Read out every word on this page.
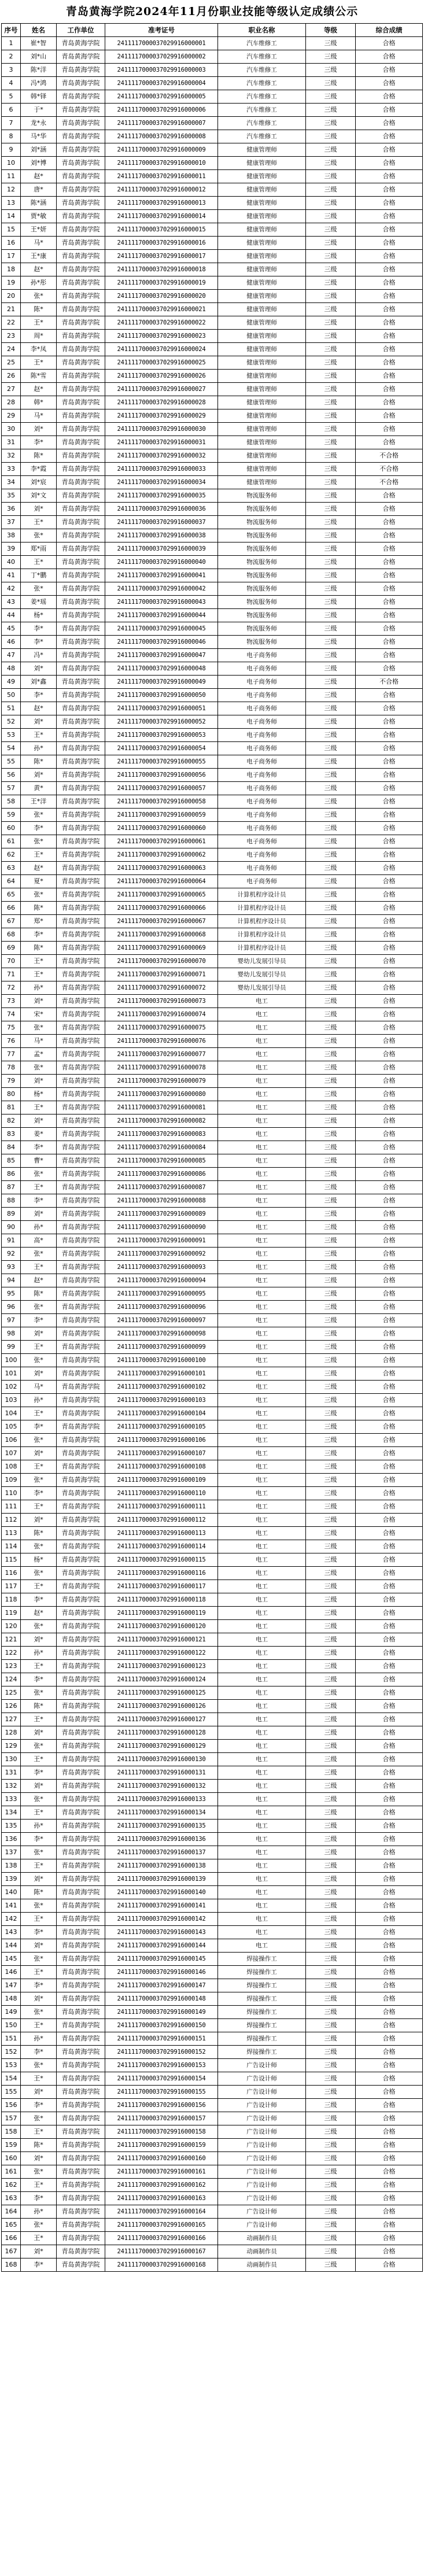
青岛黄海学院2024年11月份职业技能等级认定成绩公示
序号	姓名	工作单位	准考证号	职业名称	等级	综合成绩
1	崔*智	青岛黄海学院	2411117000037029916000001	汽车维修工	三级	合格
2	刘*山	青岛黄海学院	2411117000037029916000002	汽车维修工	三级	合格
3	陈*洋	青岛黄海学院	2411117000037029916000003	汽车维修工	三级	合格
4	冯*鸿	青岛黄海学院	2411117000037029916000004	汽车维修工	三级	合格
5	韩*铎	青岛黄海学院	2411117000037029916000005	汽车维修工	三级	合格
6	于*	青岛黄海学院	2411117000037029916000006	汽车维修工	三级	合格
7	龙*永	青岛黄海学院	2411117000037029916000007	汽车维修工	三级	合格
8	马*华	青岛黄海学院	2411117000037029916000008	汽车维修工	三级	合格
9	刘*涵	青岛黄海学院	2411117000037029916000009	健康管理师	三级	合格
10	刘*博	青岛黄海学院	2411117000037029916000010	健康管理师	三级	合格
11	赵*	青岛黄海学院	2411117000037029916000011	健康管理师	三级	合格
12	唐*	青岛黄海学院	2411117000037029916000012	健康管理师	三级	合格
13	陈*涵	青岛黄海学院	2411117000037029916000013	健康管理师	三级	合格
14	贾*敏	青岛黄海学院	2411117000037029916000014	健康管理师	三级	合格
15	王*妍	青岛黄海学院	2411117000037029916000015	健康管理师	三级	合格
16	马*	青岛黄海学院	2411117000037029916000016	健康管理师	三级	合格
17	王*康	青岛黄海学院	2411117000037029916000017	健康管理师	三级	合格
18	赵*	青岛黄海学院	2411117000037029916000018	健康管理师	三级	合格
19	孙*彤	青岛黄海学院	2411117000037029916000019	健康管理师	三级	合格
20	张*	青岛黄海学院	2411117000037029916000020	健康管理师	三级	合格
21	陈*	青岛黄海学院	2411117000037029916000021	健康管理师	三级	合格
22	王*	青岛黄海学院	2411117000037029916000022	健康管理师	三级	合格
23	周*	青岛黄海学院	2411117000037029916000023	健康管理师	三级	合格
24	李*凤	青岛黄海学院	2411117000037029916000024	健康管理师	三级	合格
25	王*	青岛黄海学院	2411117000037029916000025	健康管理师	三级	合格
26	陈*雪	青岛黄海学院	2411117000037029916000026	健康管理师	三级	合格
27	赵*	青岛黄海学院	2411117000037029916000027	健康管理师	三级	合格
28	韩*	青岛黄海学院	2411117000037029916000028	健康管理师	三级	合格
29	马*	青岛黄海学院	2411117000037029916000029	健康管理师	三级	合格
30	刘*	青岛黄海学院	2411117000037029916000030	健康管理师	三级	合格
31	李*	青岛黄海学院	2411117000037029916000031	健康管理师	三级	合格
32	陈*	青岛黄海学院	2411117000037029916000032	健康管理师	三级	不合格
33	李*霞	青岛黄海学院	2411117000037029916000033	健康管理师	三级	不合格
34	刘*宸	青岛黄海学院	2411117000037029916000034	健康管理师	三级	不合格
35	刘*文	青岛黄海学院	2411117000037029916000035	物流服务师	三级	合格
36	刘*	青岛黄海学院	2411117000037029916000036	物流服务师	三级	合格
37	王*	青岛黄海学院	2411117000037029916000037	物流服务师	三级	合格
38	张*	青岛黄海学院	2411117000037029916000038	物流服务师	三级	合格
39	郑*雨	青岛黄海学院	2411117000037029916000039	物流服务师	三级	合格
40	王*	青岛黄海学院	2411117000037029916000040	物流服务师	三级	合格
41	丁*鹏	青岛黄海学院	2411117000037029916000041	物流服务师	三级	合格
42	张*	青岛黄海学院	2411117000037029916000042	物流服务师	三级	合格
43	姜*瑶	青岛黄海学院	2411117000037029916000043	物流服务师	三级	合格
44	杨*	青岛黄海学院	2411117000037029916000044	物流服务师	三级	合格
45	李*	青岛黄海学院	2411117000037029916000045	物流服务师	三级	合格
46	李*	青岛黄海学院	2411117000037029916000046	物流服务师	三级	合格
47	冯*	青岛黄海学院	2411117000037029916000047	电子商务师	三级	合格
48	刘*	青岛黄海学院	2411117000037029916000048	电子商务师	三级	合格
49	刘*鑫	青岛黄海学院	2411117000037029916000049	电子商务师	三级	不合格
50	李*	青岛黄海学院	2411117000037029916000050	电子商务师	三级	合格
51	赵*	青岛黄海学院	2411117000037029916000051	电子商务师	三级	合格
52	刘*	青岛黄海学院	2411117000037029916000052	电子商务师	三级	合格
53	王*	青岛黄海学院	2411117000037029916000053	电子商务师	三级	合格
54	孙*	青岛黄海学院	2411117000037029916000054	电子商务师	三级	合格
55	陈*	青岛黄海学院	2411117000037029916000055	电子商务师	三级	合格
56	刘*	青岛黄海学院	2411117000037029916000056	电子商务师	三级	合格
57	黄*	青岛黄海学院	2411117000037029916000057	电子商务师	三级	合格
58	王*洋	青岛黄海学院	2411117000037029916000058	电子商务师	三级	合格
59	张*	青岛黄海学院	2411117000037029916000059	电子商务师	三级	合格
60	李*	青岛黄海学院	2411117000037029916000060	电子商务师	三级	合格
61	张*	青岛黄海学院	2411117000037029916000061	电子商务师	三级	合格
62	王*	青岛黄海学院	2411117000037029916000062	电子商务师	三级	合格
63	赵*	青岛黄海学院	2411117000037029916000063	电子商务师	三级	合格
64	夏*	青岛黄海学院	2411117000037029916000064	电子商务师	三级	合格
65	张*	青岛黄海学院	2411117000037029916000065	计算机程序设计员	三级	合格
66	陈*	青岛黄海学院	2411117000037029916000066	计算机程序设计员	三级	合格
67	郑*	青岛黄海学院	2411117000037029916000067	计算机程序设计员	三级	合格
68	李*	青岛黄海学院	2411117000037029916000068	计算机程序设计员	三级	合格
69	陈*	青岛黄海学院	2411117000037029916000069	计算机程序设计员	三级	合格
70	王*	青岛黄海学院	2411117000037029916000070	婴幼儿发展引导员	三级	合格
71	王*	青岛黄海学院	2411117000037029916000071	婴幼儿发展引导员	三级	合格
72	孙*	青岛黄海学院	2411117000037029916000072	婴幼儿发展引导员	三级	合格
73	刘*	青岛黄海学院	2411117000037029916000073	电工	三级	合格
74	宋*	青岛黄海学院	2411117000037029916000074	电工	三级	合格
75	张*	青岛黄海学院	2411117000037029916000075	电工	三级	合格
76	马*	青岛黄海学院	2411117000037029916000076	电工	三级	合格
77	孟*	青岛黄海学院	2411117000037029916000077	电工	三级	合格
78	张*	青岛黄海学院	2411117000037029916000078	电工	三级	合格
79	刘*	青岛黄海学院	2411117000037029916000079	电工	三级	合格
80	杨*	青岛黄海学院	2411117000037029916000080	电工	三级	合格
81	王*	青岛黄海学院	2411117000037029916000081	电工	三级	合格
82	刘*	青岛黄海学院	2411117000037029916000082	电工	三级	合格
83	姜*	青岛黄海学院	2411117000037029916000083	电工	三级	合格
84	李*	青岛黄海学院	2411117000037029916000084	电工	三级	合格
85	曹*	青岛黄海学院	2411117000037029916000085	电工	三级	合格
86	张*	青岛黄海学院	2411117000037029916000086	电工	三级	合格
87	王*	青岛黄海学院	2411117000037029916000087	电工	三级	合格
88	李*	青岛黄海学院	2411117000037029916000088	电工	三级	合格
89	刘*	青岛黄海学院	2411117000037029916000089	电工	三级	合格
90	孙*	青岛黄海学院	2411117000037029916000090	电工	三级	合格
91	高*	青岛黄海学院	2411117000037029916000091	电工	三级	合格
92	张*	青岛黄海学院	2411117000037029916000092	电工	三级	合格
93	王*	青岛黄海学院	2411117000037029916000093	电工	三级	合格
94	赵*	青岛黄海学院	2411117000037029916000094	电工	三级	合格
95	陈*	青岛黄海学院	2411117000037029916000095	电工	三级	合格
96	张*	青岛黄海学院	2411117000037029916000096	电工	三级	合格
97	李*	青岛黄海学院	2411117000037029916000097	电工	三级	合格
98	刘*	青岛黄海学院	2411117000037029916000098	电工	三级	合格
99	王*	青岛黄海学院	2411117000037029916000099	电工	三级	合格
100	张*	青岛黄海学院	2411117000037029916000100	电工	三级	合格
101	刘*	青岛黄海学院	2411117000037029916000101	电工	三级	合格
102	马*	青岛黄海学院	2411117000037029916000102	电工	三级	合格
103	孙*	青岛黄海学院	2411117000037029916000103	电工	三级	合格
104	王*	青岛黄海学院	2411117000037029916000104	电工	三级	合格
105	李*	青岛黄海学院	2411117000037029916000105	电工	三级	合格
106	张*	青岛黄海学院	2411117000037029916000106	电工	三级	合格
107	刘*	青岛黄海学院	2411117000037029916000107	电工	三级	合格
108	王*	青岛黄海学院	2411117000037029916000108	电工	三级	合格
109	张*	青岛黄海学院	2411117000037029916000109	电工	三级	合格
110	李*	青岛黄海学院	2411117000037029916000110	电工	三级	合格
111	王*	青岛黄海学院	2411117000037029916000111	电工	三级	合格
112	刘*	青岛黄海学院	2411117000037029916000112	电工	三级	合格
113	陈*	青岛黄海学院	2411117000037029916000113	电工	三级	合格
114	张*	青岛黄海学院	2411117000037029916000114	电工	三级	合格
115	杨*	青岛黄海学院	2411117000037029916000115	电工	三级	合格
116	张*	青岛黄海学院	2411117000037029916000116	电工	三级	合格
117	王*	青岛黄海学院	2411117000037029916000117	电工	三级	合格
118	李*	青岛黄海学院	2411117000037029916000118	电工	三级	合格
119	赵*	青岛黄海学院	2411117000037029916000119	电工	三级	合格
120	张*	青岛黄海学院	2411117000037029916000120	电工	三级	合格
121	刘*	青岛黄海学院	2411117000037029916000121	电工	三级	合格
122	孙*	青岛黄海学院	2411117000037029916000122	电工	三级	合格
123	王*	青岛黄海学院	2411117000037029916000123	电工	三级	合格
124	李*	青岛黄海学院	2411117000037029916000124	电工	三级	合格
125	张*	青岛黄海学院	2411117000037029916000125	电工	三级	合格
126	陈*	青岛黄海学院	2411117000037029916000126	电工	三级	合格
127	王*	青岛黄海学院	2411117000037029916000127	电工	三级	合格
128	刘*	青岛黄海学院	2411117000037029916000128	电工	三级	合格
129	张*	青岛黄海学院	2411117000037029916000129	电工	三级	合格
130	王*	青岛黄海学院	2411117000037029916000130	电工	三级	合格
131	李*	青岛黄海学院	2411117000037029916000131	电工	三级	合格
132	刘*	青岛黄海学院	2411117000037029916000132	电工	三级	合格
133	张*	青岛黄海学院	2411117000037029916000133	电工	三级	合格
134	王*	青岛黄海学院	2411117000037029916000134	电工	三级	合格
135	孙*	青岛黄海学院	2411117000037029916000135	电工	三级	合格
136	李*	青岛黄海学院	2411117000037029916000136	电工	三级	合格
137	张*	青岛黄海学院	2411117000037029916000137	电工	三级	合格
138	王*	青岛黄海学院	2411117000037029916000138	电工	三级	合格
139	刘*	青岛黄海学院	2411117000037029916000139	电工	三级	合格
140	陈*	青岛黄海学院	2411117000037029916000140	电工	三级	合格
141	张*	青岛黄海学院	2411117000037029916000141	电工	三级	合格
142	王*	青岛黄海学院	2411117000037029916000142	电工	三级	合格
143	李*	青岛黄海学院	2411117000037029916000143	电工	三级	合格
144	刘*	青岛黄海学院	2411117000037029916000144	电工	三级	合格
145	张*	青岛黄海学院	2411117000037029916000145	焊接操作工	三级	合格
146	王*	青岛黄海学院	2411117000037029916000146	焊接操作工	三级	合格
147	李*	青岛黄海学院	2411117000037029916000147	焊接操作工	三级	合格
148	刘*	青岛黄海学院	2411117000037029916000148	焊接操作工	三级	合格
149	张*	青岛黄海学院	2411117000037029916000149	焊接操作工	三级	合格
150	王*	青岛黄海学院	2411117000037029916000150	焊接操作工	三级	合格
151	孙*	青岛黄海学院	2411117000037029916000151	焊接操作工	三级	合格
152	李*	青岛黄海学院	2411117000037029916000152	焊接操作工	三级	合格
153	张*	青岛黄海学院	2411117000037029916000153	广告设计师	三级	合格
154	王*	青岛黄海学院	2411117000037029916000154	广告设计师	三级	合格
155	刘*	青岛黄海学院	2411117000037029916000155	广告设计师	三级	合格
156	李*	青岛黄海学院	2411117000037029916000156	广告设计师	三级	合格
157	张*	青岛黄海学院	2411117000037029916000157	广告设计师	三级	合格
158	王*	青岛黄海学院	2411117000037029916000158	广告设计师	三级	合格
159	陈*	青岛黄海学院	2411117000037029916000159	广告设计师	三级	合格
160	刘*	青岛黄海学院	2411117000037029916000160	广告设计师	三级	合格
161	张*	青岛黄海学院	2411117000037029916000161	广告设计师	三级	合格
162	王*	青岛黄海学院	2411117000037029916000162	广告设计师	三级	合格
163	李*	青岛黄海学院	2411117000037029916000163	广告设计师	三级	合格
164	孙*	青岛黄海学院	2411117000037029916000164	广告设计师	三级	合格
165	张*	青岛黄海学院	2411117000037029916000165	广告设计师	三级	合格
166	王*	青岛黄海学院	2411117000037029916000166	动画制作员	三级	合格
167	刘*	青岛黄海学院	2411117000037029916000167	动画制作员	三级	合格
168	李*	青岛黄海学院	2411117000037029916000168	动画制作员	三级	合格
